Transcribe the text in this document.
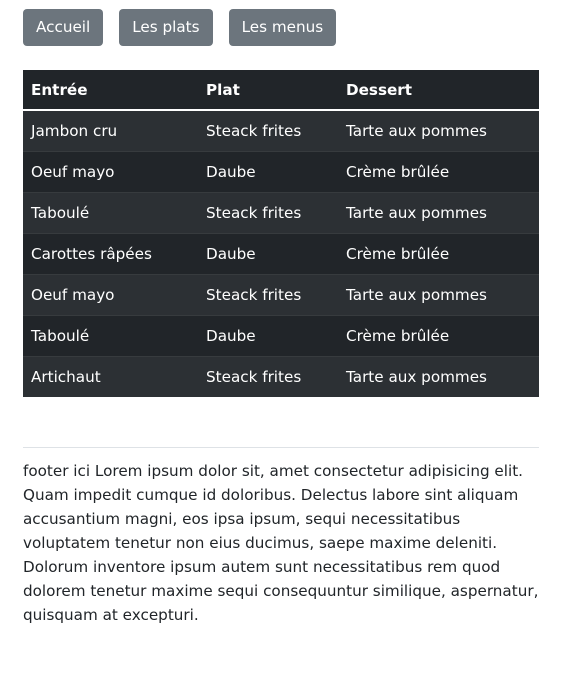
Accueil	Les plats	Les menus
Entrée	Plat	Dessert
Jambon cru	Steack frites	Tarte aux pommes
Oeuf mayo	Daube	Crème brûlée
Taboulé	Steack frites	Tarte aux pommes
Carottes râpées	Daube	Crème brûlée
Oeuf mayo	Steack frites	Tarte aux pommes
Taboulé	Daube	Crème brûlée
Artichaut	Steack frites	Tarte aux pommes

footer ici Lorem ipsum dolor sit, amet consectetur adipisicing elit. Quam impedit cumque id doloribus. Delectus labore sint aliquam accusantium magni, eos ipsa ipsum, sequi necessitatibus voluptatem tenetur non eius ducimus, saepe maxime deleniti. Dolorum inventore ipsum autem sunt necessitatibus rem quod dolorem tenetur maxime sequi consequuntur similique, aspernatur, quisquam at excepturi.
